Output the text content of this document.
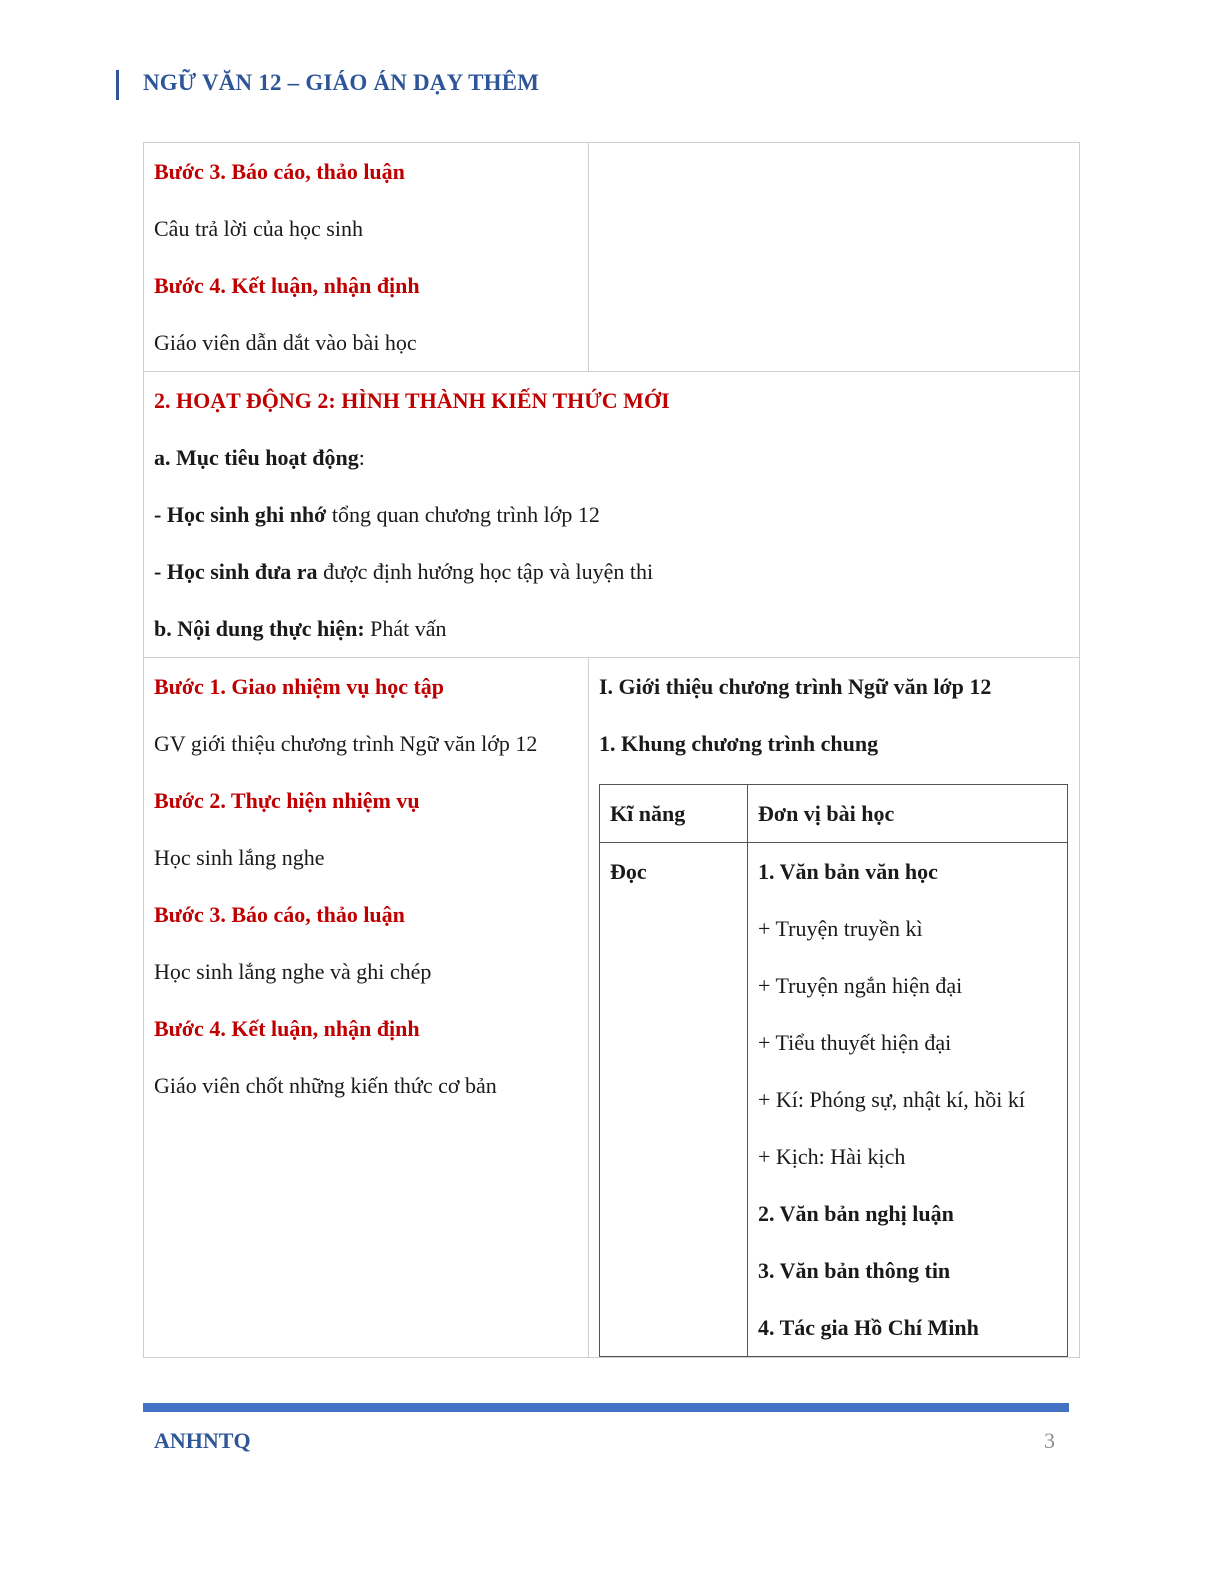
NGỮ VĂN 12 – GIÁO ÁN DẠY THÊM
Bước 3. Báo cáo, thảo luận
Câu trả lời của học sinh
Bước 4. Kết luận, nhận định
Giáo viên dẫn dắt vào bài học

2. HOẠT ĐỘNG 2: HÌNH THÀNH KIẾN THỨC MỚI
a. Mục tiêu hoạt động:
- Học sinh ghi nhớ tổng quan chương trình lớp 12
- Học sinh đưa ra được định hướng học tập và luyện thi
b. Nội dung thực hiện: Phát vấn

Bước 1. Giao nhiệm vụ học tập
GV giới thiệu chương trình Ngữ văn lớp 12
Bước 2. Thực hiện nhiệm vụ
Học sinh lắng nghe
Bước 3. Báo cáo, thảo luận
Học sinh lắng nghe và ghi chép
Bước 4. Kết luận, nhận định
Giáo viên chốt những kiến thức cơ bản

I. Giới thiệu chương trình Ngữ văn lớp 12
1. Khung chương trình chung
Kĩ năng	Đơn vị bài học

Đọc	1. Văn bản văn học
+ Truyện truyền kì
+ Truyện ngắn hiện đại
+ Tiểu thuyết hiện đại
+ Kí: Phóng sự, nhật kí, hồi kí
+ Kịch: Hài kịch
2. Văn bản nghị luận
3. Văn bản thông tin
4. Tác gia Hồ Chí Minh
ANHNTQ	3
